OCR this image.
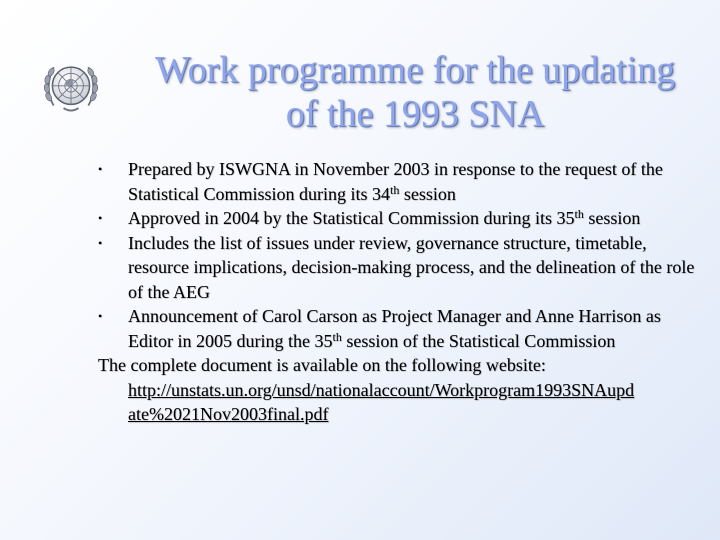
Work programme for the updating
of the 1993 SNA
•	Prepared by ISWGNA in November 2003 in response to the request of the Statistical Commission during its 34th session
•	Approved in 2004 by the Statistical Commission during its 35th session
•	Includes the list of issues under review, governance structure, timetable, resource implications, decision-making process, and the delineation of the role of the AEG
•	Announcement of Carol Carson as Project Manager and Anne Harrison as Editor in 2005 during the 35th session of the Statistical Commission

The complete document is available on the following website:

http://unstats.un.org/unsd/nationalaccount/Workprogram1993SNAupd
ate%2021Nov2003final.pdf
